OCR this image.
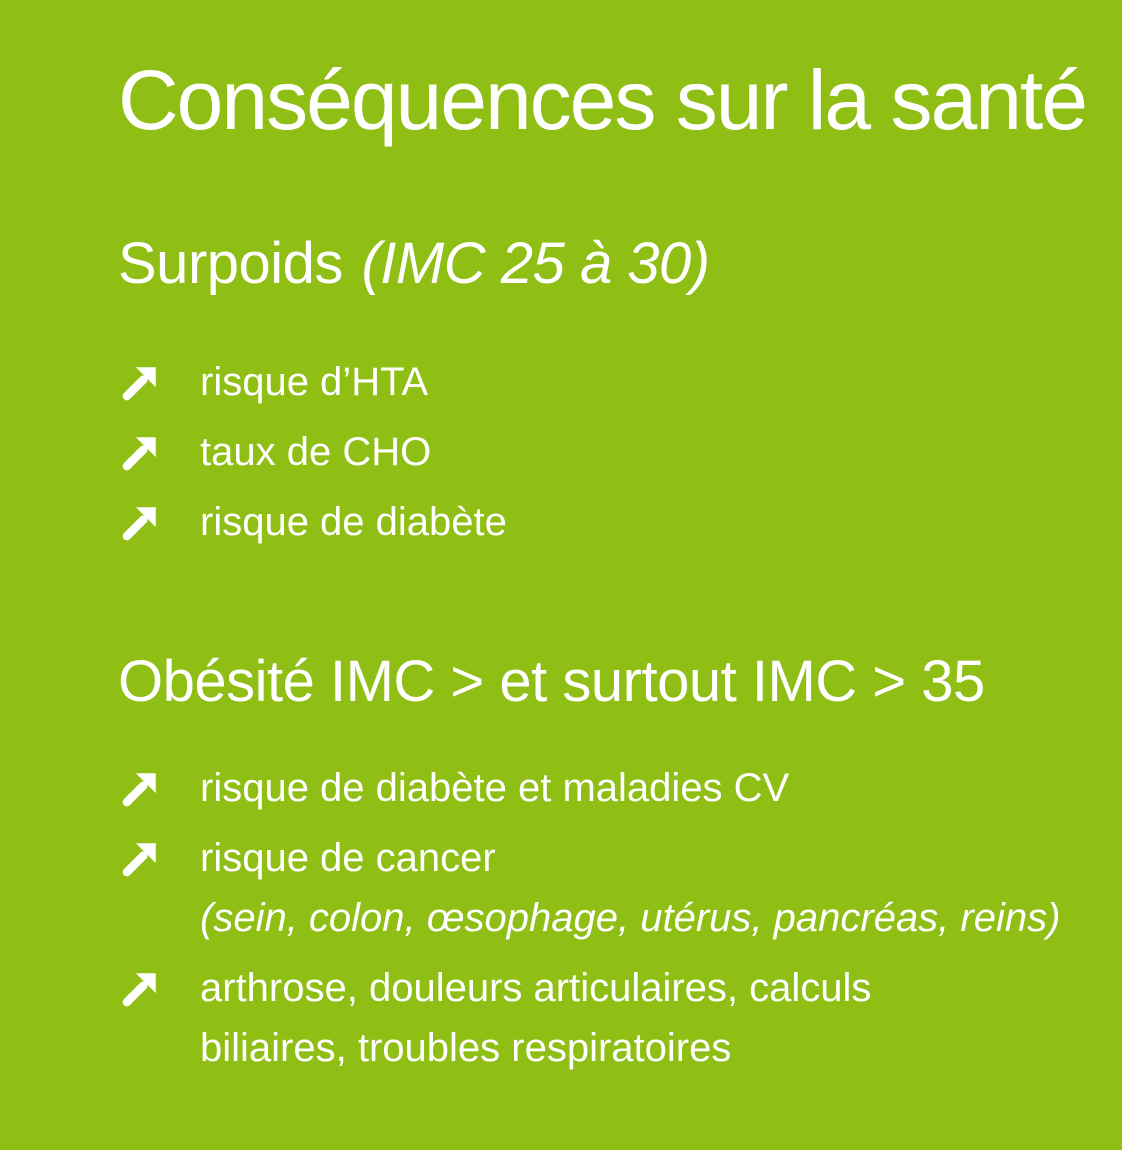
Conséquences sur la santé
Surpoids (IMC 25 à 30)
risque d’HTA
taux de CHO
risque de diabète
Obésité IMC > et surtout IMC > 35
risque de diabète et maladies CV
risque de cancer
(sein, colon, œsophage, utérus, pancréas, reins)
arthrose, douleurs articulaires, calculs biliaires, troubles respiratoires
